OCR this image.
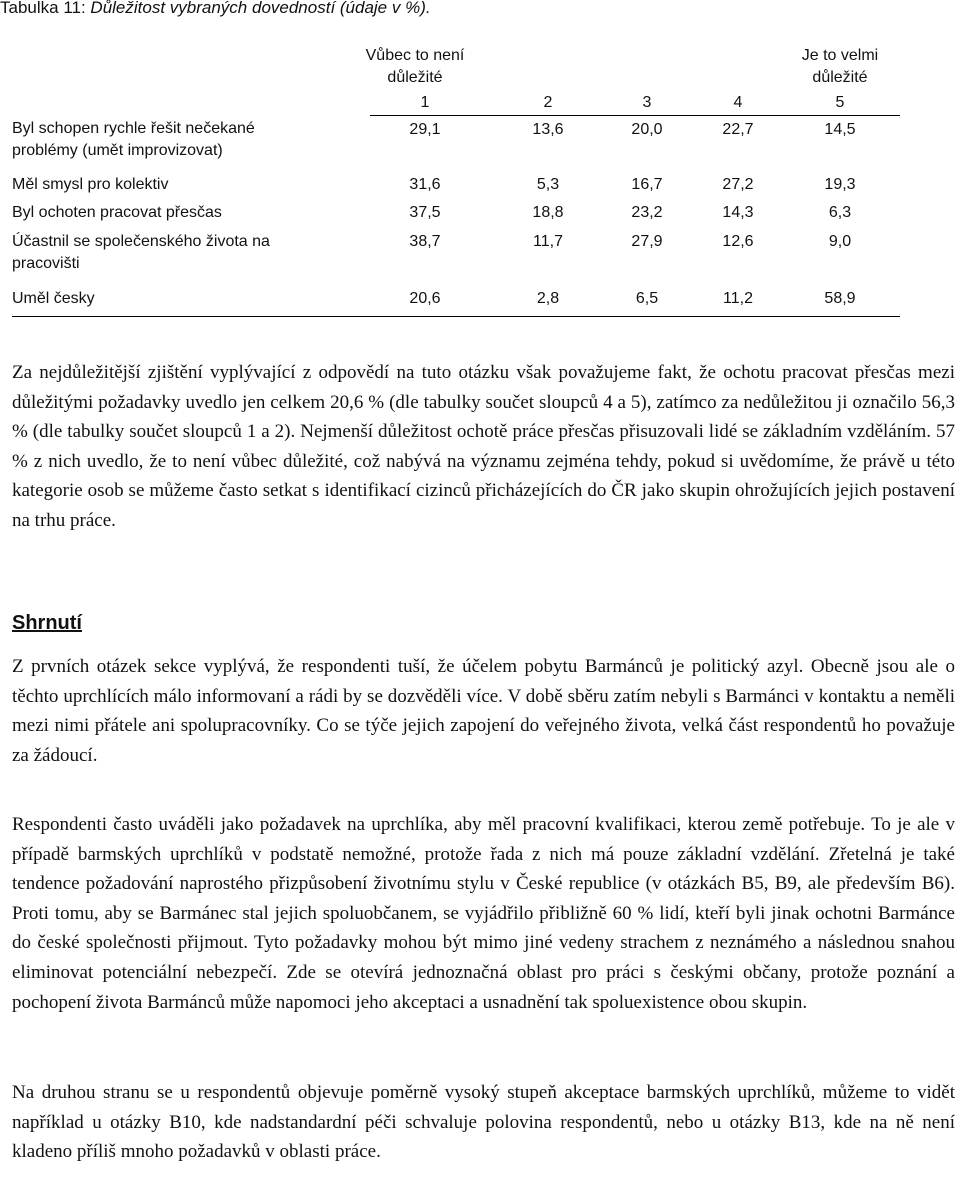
Tabulka 11: Důležitost vybraných dovedností (údaje v %).
Vůbec to není
důležité
Je to velmi
důležité
1	2	3	4	5
Byl schopen rychle řešit nečekané
problémy (umět improvizovat)
29,1	13,6	20,0	22,7	14,5
Měl smysl pro kolektiv	31,6	5,3	16,7	27,2	19,3
Byl ochoten pracovat přesčas	37,5	18,8	23,2	14,3	6,3
Účastnil se společenského života na
pracovišti
38,7	11,7	27,9	12,6	9,0
Uměl česky	20,6	2,8	6,5	11,2	58,9
Za nejdůležitější zjištění vyplývající z odpovědí na tuto otázku však považujeme fakt, že ochotu pracovat přesčas mezi důležitými požadavky uvedlo jen celkem 20,6 % (dle tabulky součet sloupců 4 a 5), zatímco za nedůležitou ji označilo 56,3 % (dle tabulky součet sloupců 1 a 2). Nejmenší důležitost ochotě práce přesčas přisuzovali lidé se základním vzděláním. 57 % z nich uvedlo, že to není vůbec důležité, což nabývá na významu zejména tehdy, pokud si uvědomíme, že právě u této kategorie osob se můžeme často setkat s identifikací cizinců přicházejících do ČR jako skupin ohrožujících jejich postavení na trhu práce.
Shrnutí
Z prvních otázek sekce vyplývá, že respondenti tuší, že účelem pobytu Barmánců je politický azyl. Obecně jsou ale o těchto uprchlících málo informovaní a rádi by se dozvěděli více. V době sběru zatím nebyli s Barmánci v kontaktu a neměli mezi nimi přátele ani spolupracovníky. Co se týče jejich zapojení do veřejného života, velká část respondentů ho považuje za žádoucí.
Respondenti často uváděli jako požadavek na uprchlíka, aby měl pracovní kvalifikaci, kterou země potřebuje. To je ale v případě barmských uprchlíků v podstatě nemožné, protože řada z nich má pouze základní vzdělání. Zřetelná je také tendence požadování naprostého přizpůsobení životnímu stylu v České republice (v otázkách B5, B9, ale především B6). Proti tomu, aby se Barmánec stal jejich spoluobčanem, se vyjádřilo přibližně 60 % lidí, kteří byli jinak ochotni Barmánce do české společnosti přijmout. Tyto požadavky mohou být mimo jiné vedeny strachem z neznámého a následnou snahou eliminovat potenciální nebezpečí. Zde se otevírá jednoznačná oblast pro práci s českými občany, protože poznání a pochopení života Barmánců může napomoci jeho akceptaci a usnadnění tak spoluexistence obou skupin.
Na druhou stranu se u respondentů objevuje poměrně vysoký stupeň akceptace barmských uprchlíků, můžeme to vidět například u otázky B10, kde nadstandardní péči schvaluje polovina respondentů, nebo u otázky B13, kde na ně není kladeno příliš mnoho požadavků v oblasti práce.
